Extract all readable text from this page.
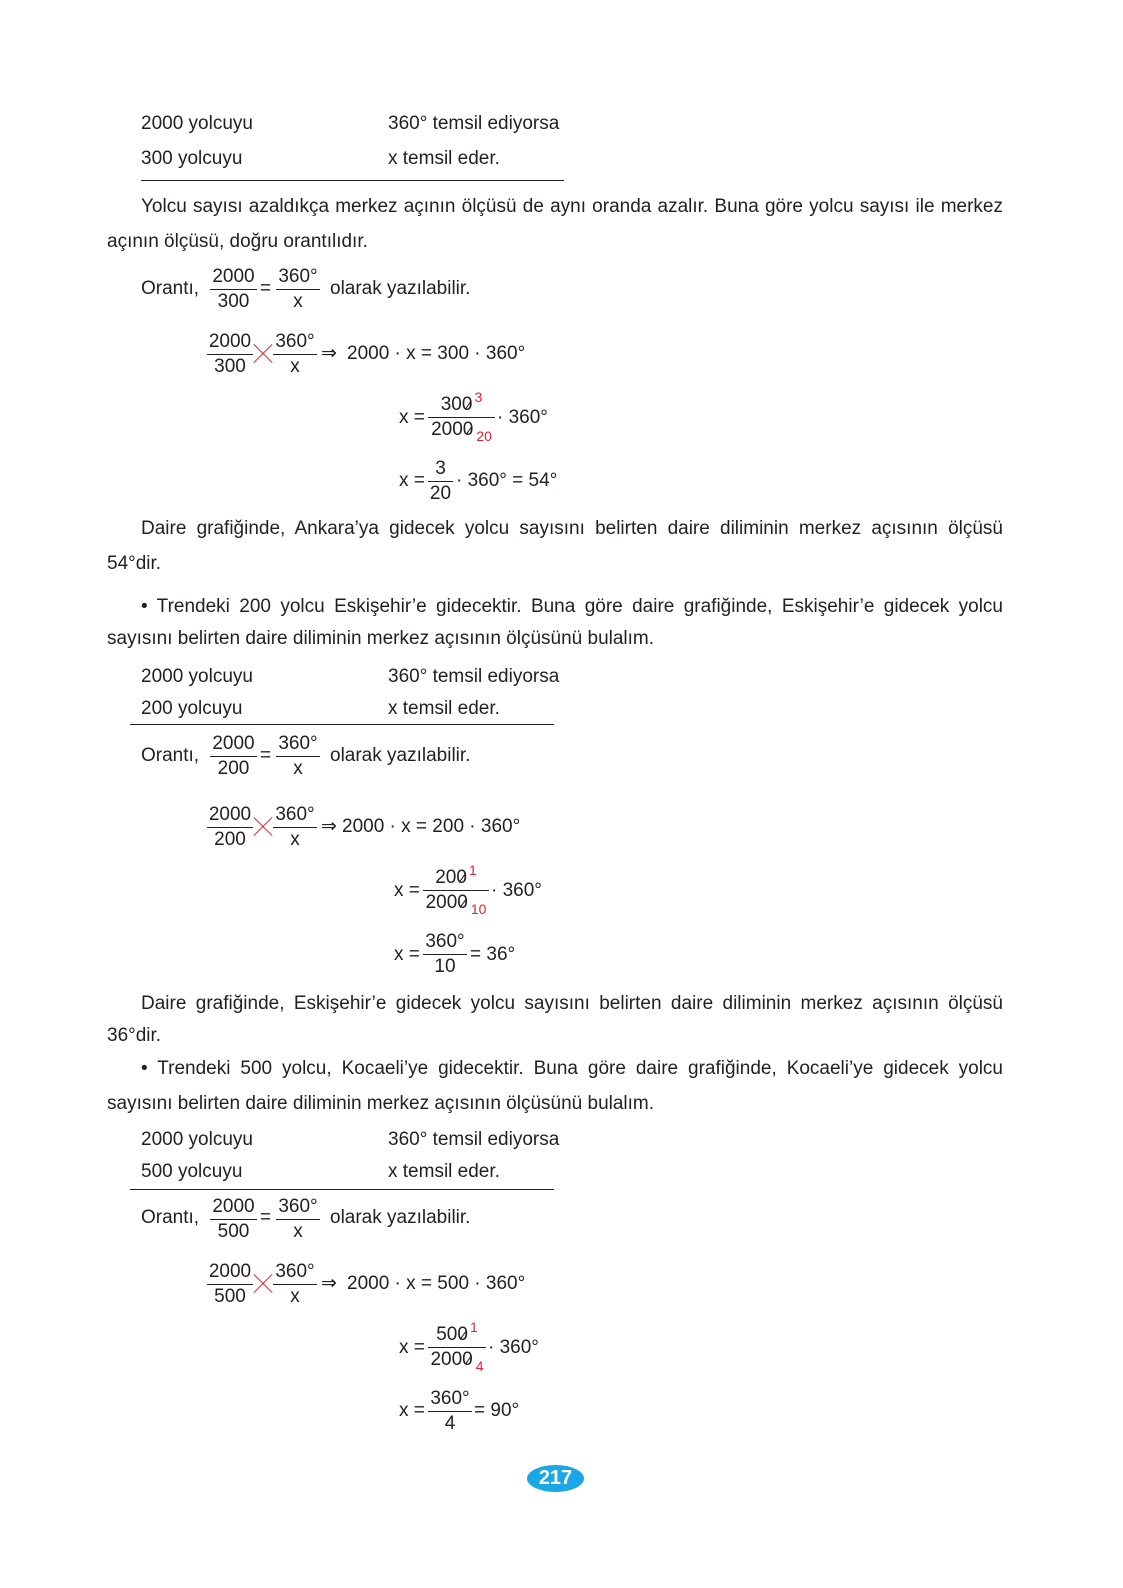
2000 yolcuyu	360° temsil ediyorsa
300 yolcuyu	x temsil eder.
Yolcu sayısı azaldıkça merkez açının ölçüsü de aynı oranda azalır. Buna göre yolcu sayısı ile merkez açının ölçüsü, doğru orantılıdır.
Orantı,
2000
300
=
360°
x
olarak yazılabilir.
2000
300
360°
x
⇒ 2000 · x = 300 · 360°
x =
300 $^3$
2000 $_{20}$
· 360°
x =
3
20
· 360° = 54°
Daire grafiğinde, Ankara’ya gidecek yolcu sayısını belirten daire diliminin merkez açısının ölçüsü 54°dir.
• Trendeki 200 yolcu Eskişehir’e gidecektir. Buna göre daire grafiğinde, Eskişehir’e gidecek yolcu sayısını belirten daire diliminin merkez açısının ölçüsünü bulalım.
2000 yolcuyu	360° temsil ediyorsa
200 yolcuyu	x temsil eder.
Orantı,
2000
200
=
360°
x
olarak yazılabilir.
2000
200
360°
x
⇒ 2000 · x = 200 · 360°
x =
200 $^1$
2000 $_{10}$
· 360°
x =
360°
10
= 36°
Daire grafiğinde, Eskişehir’e gidecek yolcu sayısını belirten daire diliminin merkez açısının ölçüsü 36°dir.
• Trendeki 500 yolcu, Kocaeli’ye gidecektir. Buna göre daire grafiğinde, Kocaeli’ye gidecek yolcu sayısını belirten daire diliminin merkez açısının ölçüsünü bulalım.
2000 yolcuyu	360° temsil ediyorsa
500 yolcuyu	x temsil eder.
Orantı,
2000
500
=
360°
x
olarak yazılabilir.
2000
500
360°
x
⇒ 2000 · x = 500 · 360°
x =
500 $^1$
2000 $_4$
· 360°
x =
360°
4
= 90°
217
